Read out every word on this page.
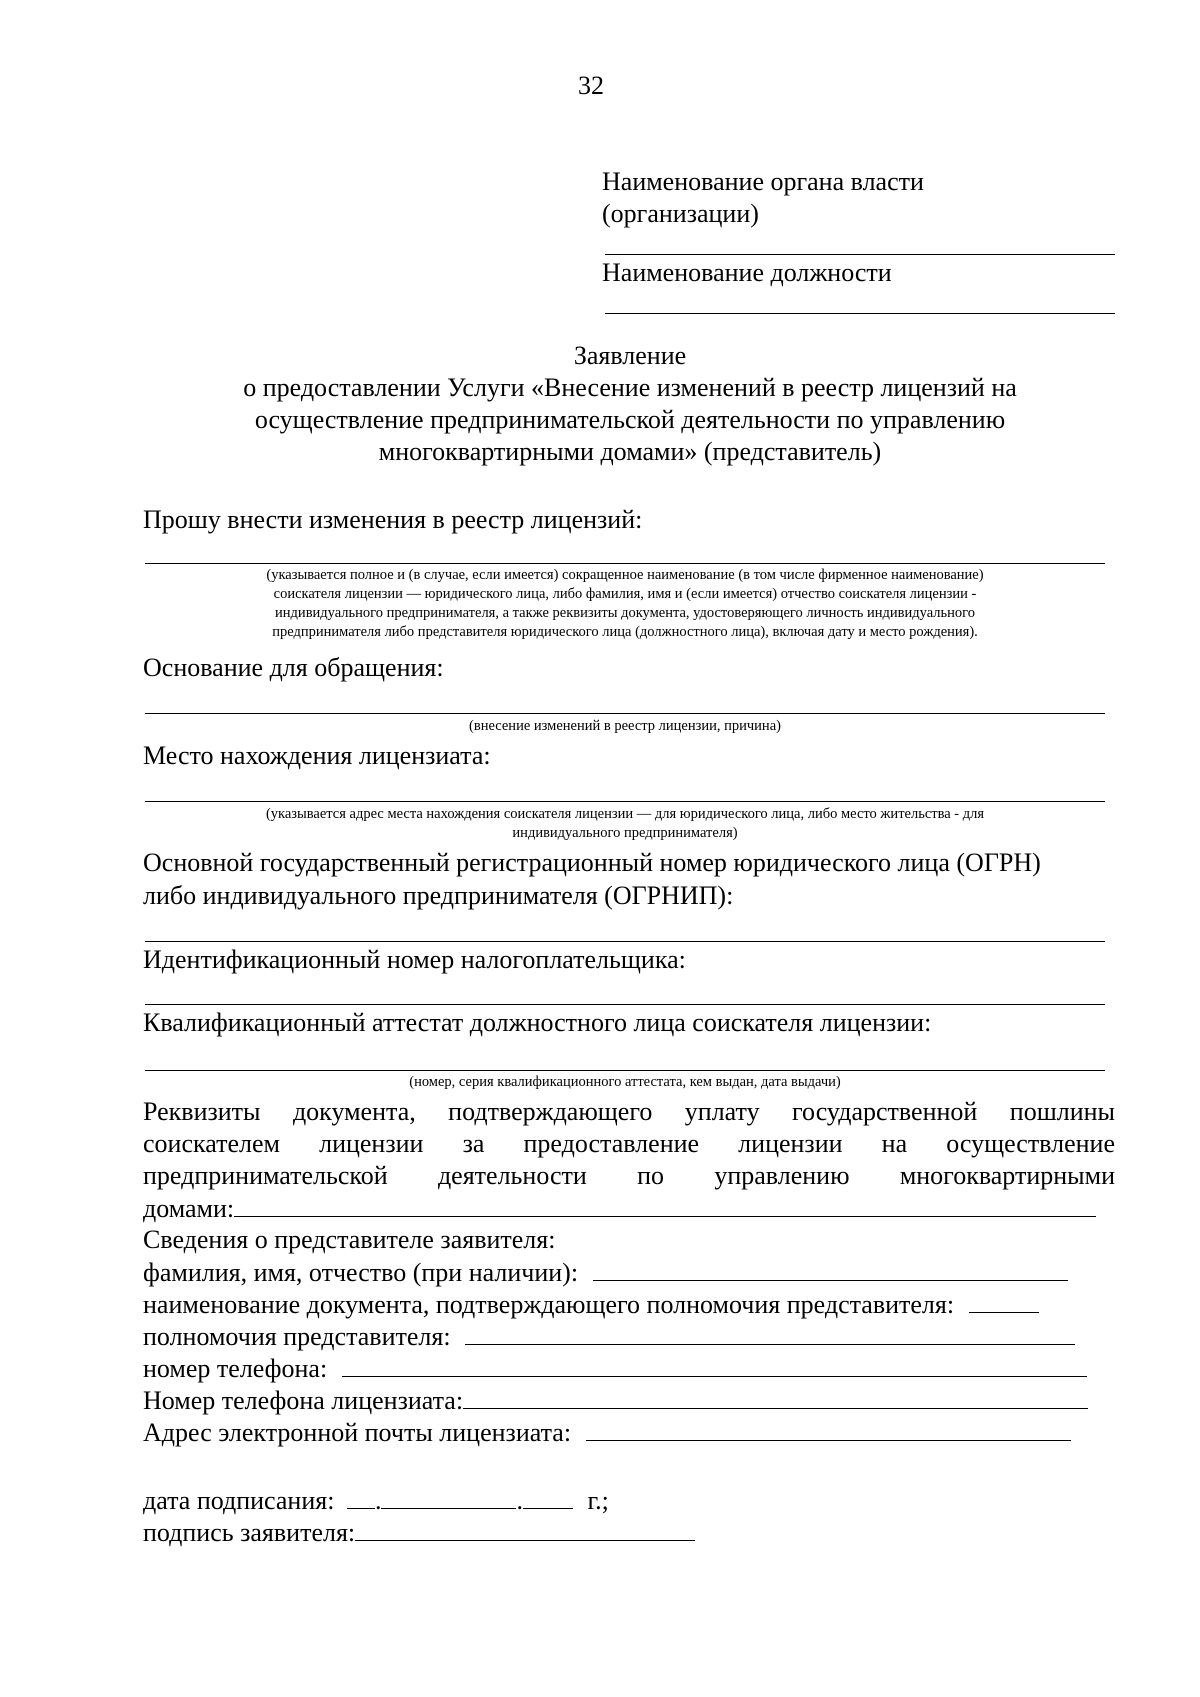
32
Наименование органа власти
(организации)
Наименование должности
Заявление
о предоставлении Услуги «Внесение изменений в реестр лицензий на
осуществление предпринимательской деятельности по управлению
многоквартирными домами» (представитель)
Прошу внести изменения в реестр лицензий:
(указывается полное и (в случае, если имеется) сокращенное наименование (в том числе фирменное наименование)
соискателя лицензии — юридического лица, либо фамилия, имя и (если имеется) отчество соискателя лицензии -
индивидуального предпринимателя, а также реквизиты документа, удостоверяющего личность индивидуального
предпринимателя либо представителя юридического лица (должностного лица), включая дату и место рождения).
Основание для обращения:
(внесение изменений в реестр лицензии, причина)
Место нахождения лицензиата:
(указывается адрес места нахождения соискателя лицензии — для юридического лица, либо место жительства - для
индивидуального предпринимателя)
Основной государственный регистрационный номер юридического лица (ОГРН)
либо индивидуального предпринимателя (ОГРНИП):
Идентификационный номер налогоплательщика:
Квалификационный аттестат должностного лица соискателя лицензии:
(номер, серия квалификационного аттестата, кем выдан, дата выдачи)
Реквизиты документа, подтверждающего уплату государственной пошлины
соискателем лицензии за предоставление лицензии на осуществление
предпринимательской деятельности по управлению многоквартирными
домами:
Сведения о представителе заявителя:
фамилия, имя, отчество (при наличии):
наименование документа, подтверждающего полномочия представителя:
полномочия представителя:
номер телефона:
Номер телефона лицензиата:
Адрес электронной почты лицензиата:
дата подписания: .	. г.;
подпись заявителя:
